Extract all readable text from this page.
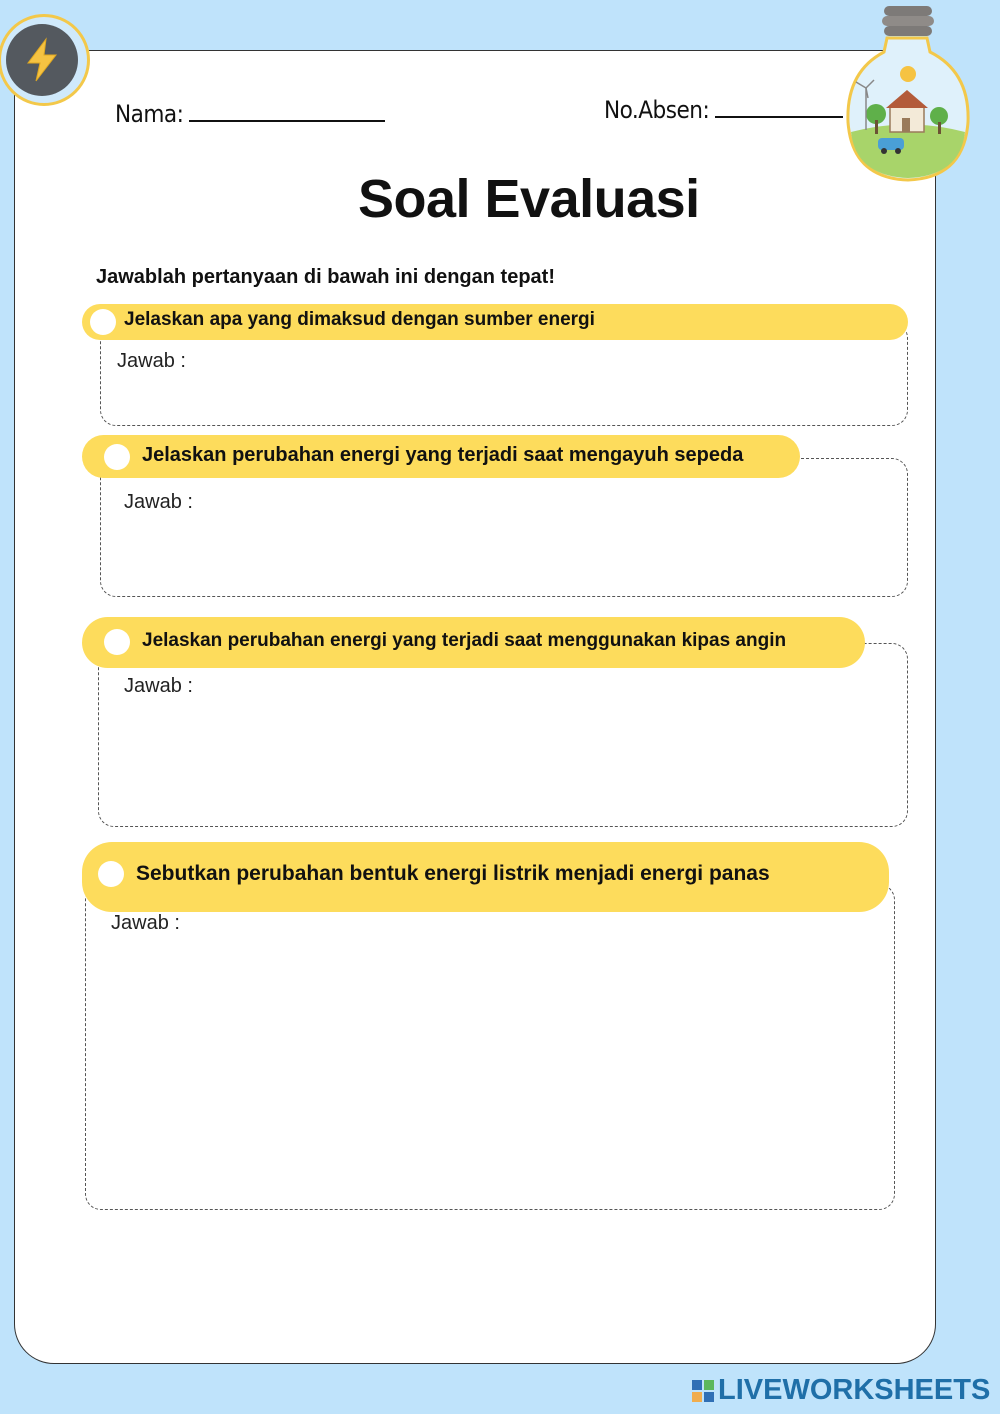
Nama:	No.Absen:
Soal Evaluasi
Jawablah pertanyaan di bawah ini dengan tepat!
Jelaskan apa yang dimaksud dengan sumber energi
Jawab :
Jelaskan perubahan energi yang terjadi saat mengayuh sepeda
Jawab :
Jelaskan perubahan energi yang terjadi saat menggunakan kipas angin
Jawab :
Sebutkan perubahan bentuk energi listrik menjadi energi panas
Jawab :
LIVEWORKSHEETS
